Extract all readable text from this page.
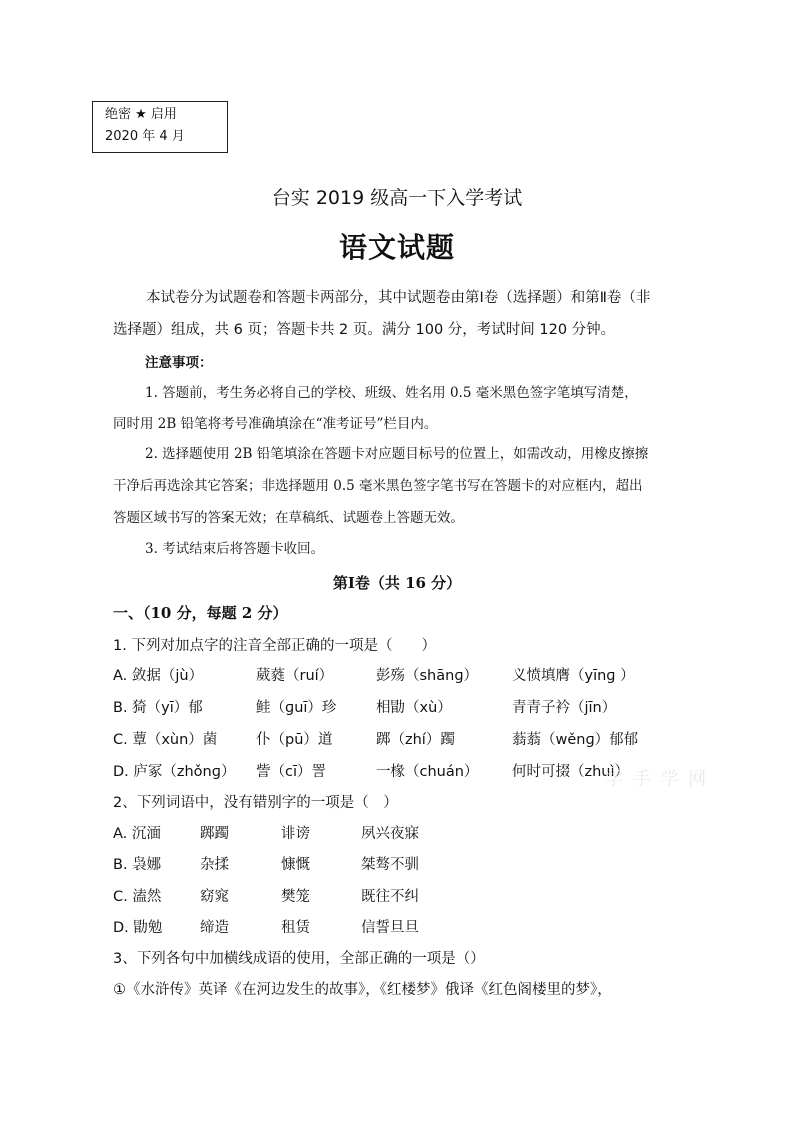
绝密 ★ 启用
2020 年 4 月
台实 2019 级高一下入学考试
语文试题
本试卷分为试题卷和答题卡两部分，其中试题卷由第Ⅰ卷（选择题）和第Ⅱ卷（非
选择题）组成，共 6 页；答题卡共 2 页。满分 100 分，考试时间 120 分钟。
注意事项：
1. 答题前，考生务必将自己的学校、班级、姓名用 0.5 毫米黑色签字笔填写清楚，
同时用 2B 铅笔将考号准确填涂在“准考证号”栏目内。
2. 选择题使用 2B 铅笔填涂在答题卡对应题目标号的位置上，如需改动，用橡皮擦擦
干净后再选涂其它答案；非选择题用 0.5 毫米黑色签字笔书写在答题卡的对应框内，超出
答题区域书写的答案无效；在草稿纸、试题卷上答题无效。
3. 考试结束后将答题卡收回。
第Ⅰ卷（共 16 分）
一、（10 分，每题 2 分）
1. 下列对加点字的注音全部正确的一项是（　　）
A. 敛据（jù）	葳蕤（ruí）	彭殇（shānɡ） 义愤填膺（yīnɡ ）
B. 猗（yī）郁	鲑（ɡuī）珍	相勖（xù）	青青子衿（jīn）
C. 蕈（xùn）菌	仆（pū）道	踯（zhí）躅	蓊蓊（wěnɡ）郁郁
D. 庐冢（zhǒnɡ） 訾（cī）詈	一椽（chuán） 何时可掇（zhuì）
学 手 学 网
2、下列词语中，没有错别字的一项是（　）
A. 沉湎	踯躅	诽谤	夙兴夜寐
B. 袅娜	杂揉	慷慨	桀骜不驯
C. 溘然	窈窕	樊笼	既往不纠
D. 勖勉	缔造	租赁	信誓旦旦
3、下列各句中加横线成语的使用，全部正确的一项是（）
①《水浒传》英译《在河边发生的故事》，《红楼梦》俄译《红色阁楼里的梦》，
